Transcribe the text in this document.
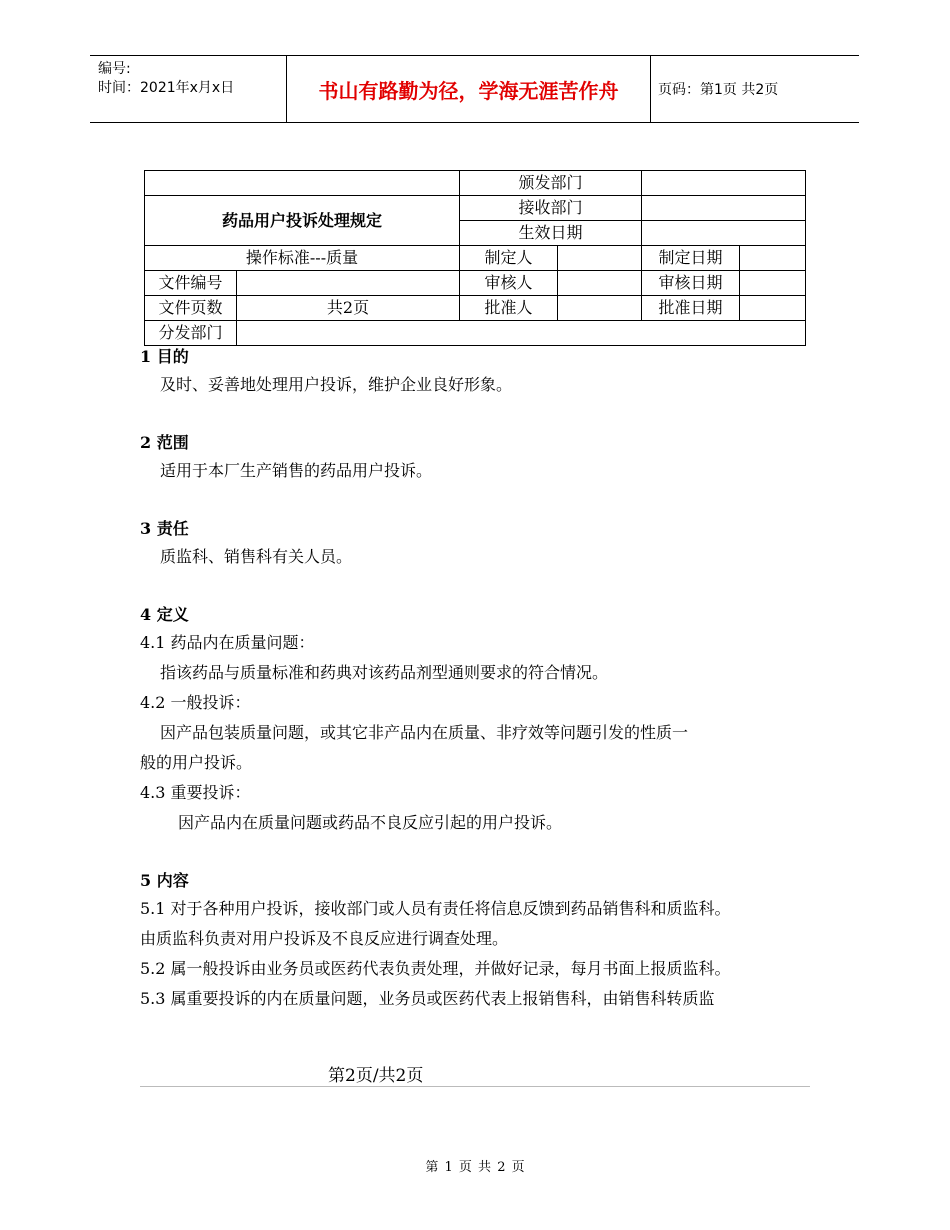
编号:
时间：2021年x月x日	书山有路勤为径，学海无涯苦作舟	页码：第1页 共2页
		颁发部门			
药品用户投诉处理规定		接收部门			
		生效日期			
操作标准---质量		制定人		制定日期	
文件编号		审核人		审核日期	
文件页数	共2页	批准人		批准日期	
分发部门					

1 目的

及时、妥善地处理用户投诉，维护企业良好形象。

2 范围

适用于本厂生产销售的药品用户投诉。

3 责任

质监科、销售科有关人员。

4 定义

4.1 药品内在质量问题：

指该药品与质量标准和药典对该药品剂型通则要求的符合情况。

4.2 一般投诉：

因产品包装质量问题，或其它非产品内在质量、非疗效等问题引发的性质一

般的用户投诉。

4.3 重要投诉：

因产品内在质量问题或药品不良反应引起的用户投诉。

5 内容

5.1 对于各种用户投诉，接收部门或人员有责任将信息反馈到药品销售科和质监科。

由质监科负责对用户投诉及不良反应进行调查处理。

5.2 属一般投诉由业务员或医药代表负责处理，并做好记录，每月书面上报质监科。

5.3 属重要投诉的内在质量问题，业务员或医药代表上报销售科，由销售科转质监

第2页/共2页
第 1 页 共 2 页
